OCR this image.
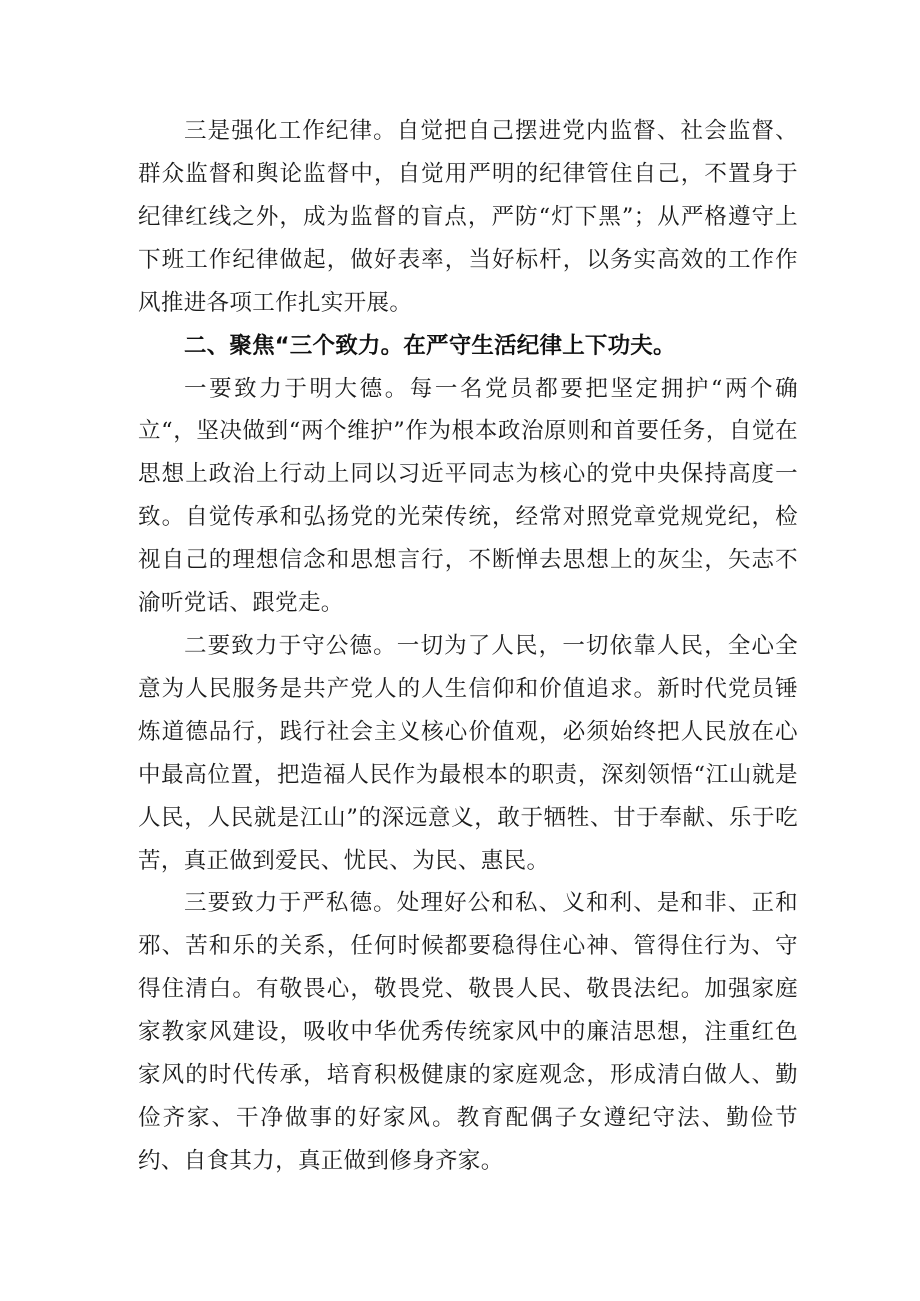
三是强化工作纪律。自觉把自己摆进党内监督、社会监督、群众监督和舆论监督中，自觉用严明的纪律管住自己，不置身于纪律红线之外，成为监督的盲点，严防“灯下黑”；从严格遵守上下班工作纪律做起，做好表率，当好标杆，以务实高效的工作作风推进各项工作扎实开展。

二、聚焦“三个致力。在严守生活纪律上下功夫。

一要致力于明大德。每一名党员都要把坚定拥护“两个确立“，坚决做到“两个维护”作为根本政治原则和首要任务，自觉在思想上政治上行动上同以习近平同志为核心的党中央保持高度一致。自觉传承和弘扬党的光荣传统，经常对照党章党规党纪，检视自己的理想信念和思想言行，不断惮去思想上的灰尘，矢志不渝听党话、跟党走。

二要致力于守公德。一切为了人民，一切依靠人民，全心全意为人民服务是共产党人的人生信仰和价值追求。新时代党员锤炼道德品行，践行社会主义核心价值观，必须始终把人民放在心中最高位置，把造福人民作为最根本的职责，深刻领悟“江山就是人民，人民就是江山”的深远意义，敢于牺牲、甘于奉献、乐于吃苦，真正做到爱民、忧民、为民、惠民。

三要致力于严私德。处理好公和私、义和利、是和非、正和邪、苦和乐的关系，任何时候都要稳得住心神、管得住行为、守得住清白。有敬畏心，敬畏党、敬畏人民、敬畏法纪。加强家庭家教家风建设，吸收中华优秀传统家风中的廉洁思想，注重红色家风的时代传承，培育积极健康的家庭观念，形成清白做人、勤俭齐家、干净做事的好家风。教育配偶子女遵纪守法、勤俭节约、自食其力，真正做到修身齐家。
